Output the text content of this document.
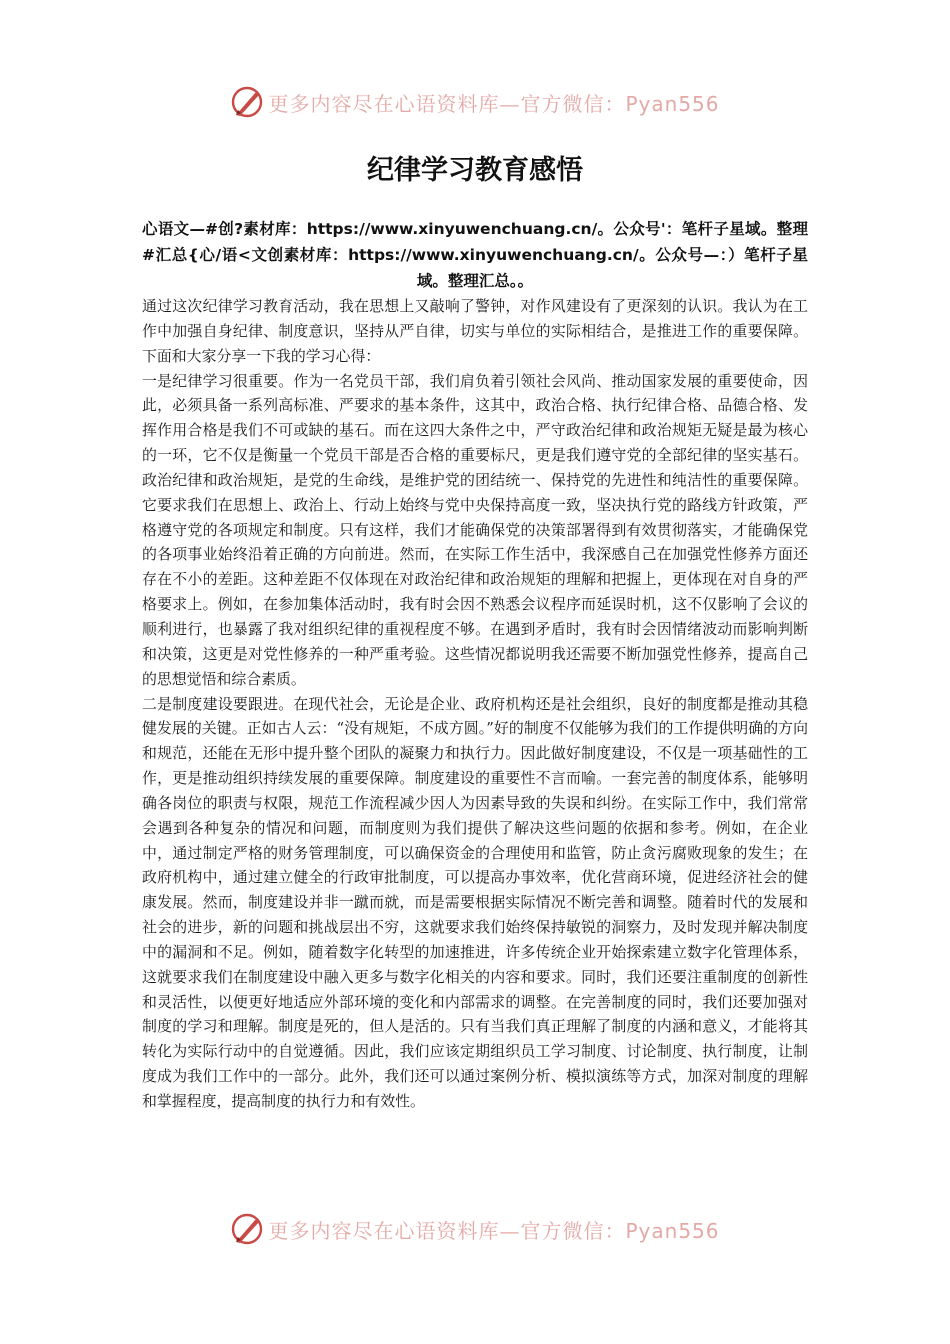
更多内容尽在心语资料库—官方微信：Pyan556
纪律学习教育感悟
心语文—#创?素材库：https://www.xinyuwenchuang.cn/。公众号'：笔杆子星域。整理#汇总{心/语<文创素材库：https://www.xinyuwenchuang.cn/。公众号—：）笔杆子星域。整理汇总。。

通过这次纪律学习教育活动，我在思想上又敲响了警钟，对作风建设有了更深刻的认识。我认为在工作中加强自身纪律、制度意识，坚持从严自律，切实与单位的实际相结合，是推进工作的重要保障。下面和大家分享一下我的学习心得：

一是纪律学习很重要。作为一名党员干部，我们肩负着引领社会风尚、推动国家发展的重要使命，因此，必须具备一系列高标准、严要求的基本条件，这其中，政治合格、执行纪律合格、品德合格、发挥作用合格是我们不可或缺的基石。而在这四大条件之中，严守政治纪律和政治规矩无疑是最为核心的一环，它不仅是衡量一个党员干部是否合格的重要标尺，更是我们遵守党的全部纪律的坚实基石。政治纪律和政治规矩，是党的生命线，是维护党的团结统一、保持党的先进性和纯洁性的重要保障。它要求我们在思想上、政治上、行动上始终与党中央保持高度一致，坚决执行党的路线方针政策，严格遵守党的各项规定和制度。只有这样，我们才能确保党的决策部署得到有效贯彻落实，才能确保党的各项事业始终沿着正确的方向前进。然而，在实际工作生活中，我深感自己在加强党性修养方面还存在不小的差距。这种差距不仅体现在对政治纪律和政治规矩的理解和把握上，更体现在对自身的严格要求上。例如，在参加集体活动时，我有时会因不熟悉会议程序而延误时机，这不仅影响了会议的顺利进行，也暴露了我对组织纪律的重视程度不够。在遇到矛盾时，我有时会因情绪波动而影响判断和决策，这更是对党性修养的一种严重考验。这些情况都说明我还需要不断加强党性修养，提高自己的思想觉悟和综合素质。

二是制度建设要跟进。在现代社会，无论是企业、政府机构还是社会组织，良好的制度都是推动其稳健发展的关键。正如古人云：“没有规矩，不成方圆。”好的制度不仅能够为我们的工作提供明确的方向和规范，还能在无形中提升整个团队的凝聚力和执行力。因此做好制度建设，不仅是一项基础性的工作，更是推动组织持续发展的重要保障。制度建设的重要性不言而喻。一套完善的制度体系，能够明确各岗位的职责与权限，规范工作流程减少因人为因素导致的失误和纠纷。在实际工作中，我们常常会遇到各种复杂的情况和问题，而制度则为我们提供了解决这些问题的依据和参考。例如，在企业中，通过制定严格的财务管理制度，可以确保资金的合理使用和监管，防止贪污腐败现象的发生；在政府机构中，通过建立健全的行政审批制度，可以提高办事效率，优化营商环境，促进经济社会的健康发展。然而，制度建设并非一蹴而就，而是需要根据实际情况不断完善和调整。随着时代的发展和社会的进步，新的问题和挑战层出不穷，这就要求我们始终保持敏锐的洞察力，及时发现并解决制度中的漏洞和不足。例如，随着数字化转型的加速推进，许多传统企业开始探索建立数字化管理体系，这就要求我们在制度建设中融入更多与数字化相关的内容和要求。同时，我们还要注重制度的创新性和灵活性，以便更好地适应外部环境的变化和内部需求的调整。在完善制度的同时，我们还要加强对制度的学习和理解。制度是死的，但人是活的。只有当我们真正理解了制度的内涵和意义，才能将其转化为实际行动中的自觉遵循。因此，我们应该定期组织员工学习制度、讨论制度、执行制度，让制度成为我们工作中的一部分。此外，我们还可以通过案例分析、模拟演练等方式，加深对制度的理解和掌握程度，提高制度的执行力和有效性。

更多内容尽在心语资料库—官方微信：Pyan556
